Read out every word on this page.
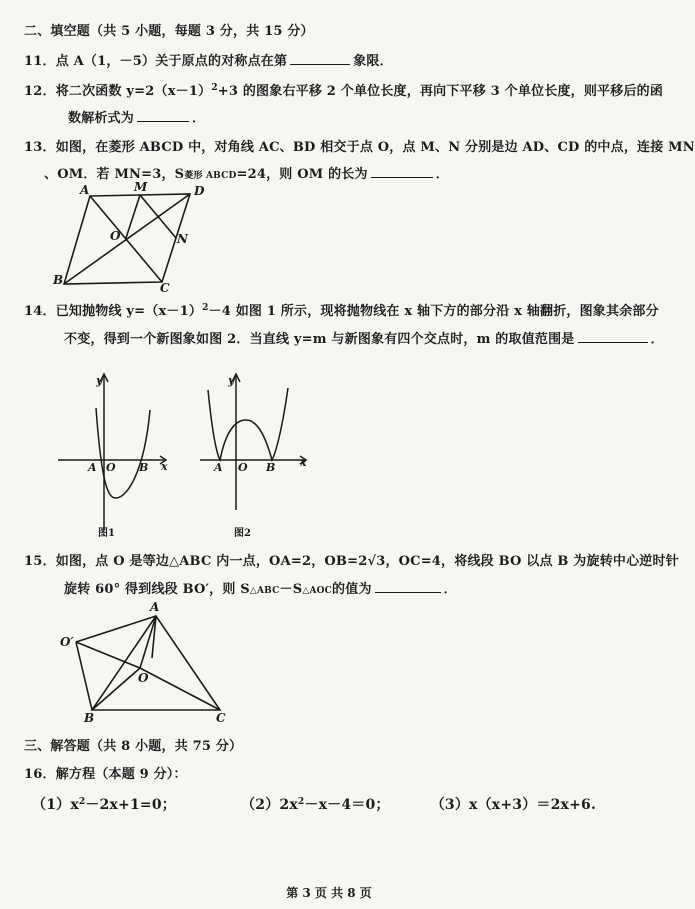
二、填空题（共 5 小题，每题 3 分，共 15 分）
11．点 A（1，－5）关于原点的对称点在第	象限．
12．将二次函数 $y=2(x-1)^2+3$ 的图象右平移 2 个单位长度，再向下平移 3 个单位长度，则平移后的函
数解析式为	．
13．如图，在菱形 ABCD 中，对角线 AC、BD 相交于点 O，点 M、N 分别是边 AD、CD 的中点，连接 MN
、OM．若 MN=3，S菱形 ABCD=24，则 OM 的长为	．
A	M	D
O	N
B
C
14．已知抛物线 $y=(x-1)^2-4$ 如图 1 所示，现将抛物线在 x 轴下方的部分沿 x 轴翻折，图象其余部分
不变，得到一个新图象如图 2．当直线 y=m 与新图象有四个交点时，m 的取值范围是	．
y
x
A O B
图1
y
x
A O B
图2
15．如图，点 O 是等边△ABC 内一点，OA=2，OB=2√3，OC=4，将线段 BO 以点 B 为旋转中心逆时针
旋转 60° 得到线段 BO′，则 S△ABC－S△AOC的值为	．
A
O′
O
B	C
三、解答题（共 8 小题，共 75 分）
16．解方程（本题 9 分）：
$(1)x^2-2x+1=0$；	$(2)2x^2-x-4=0$；	（3）x（x+3）＝2x+6.
第 3 页 共 8 页
